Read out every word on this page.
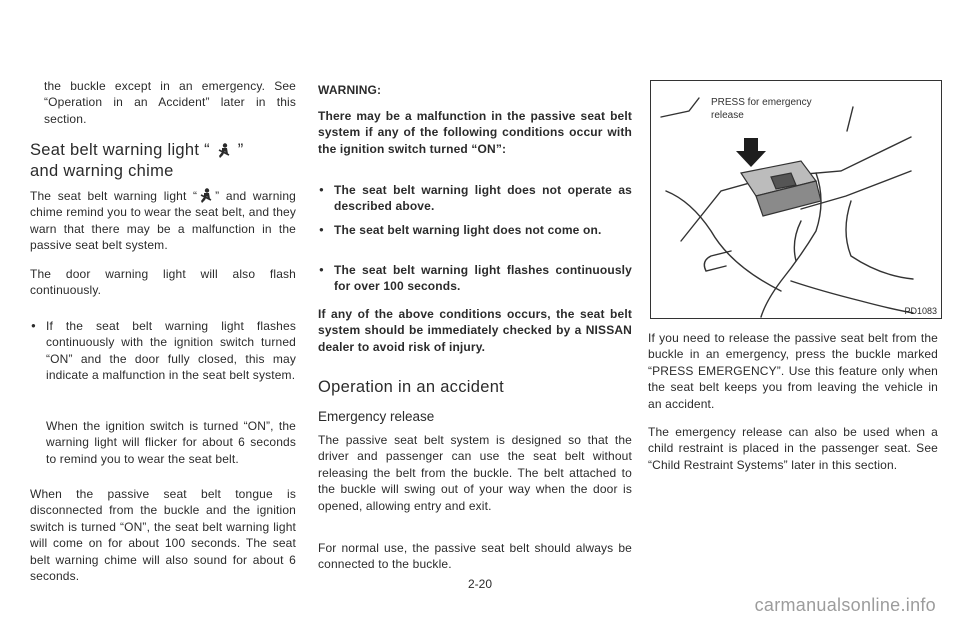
the buckle except in an emergency. See “Operation in an Accident” later in this section.

Seat belt warning light “ ”
and warning chime

The seat belt warning light “ ” and warning chime remind you to wear the seat belt, and they warn that there may be a malfunction in the passive seat belt system.

The door warning light will also flash continuously.

● If the seat belt warning light flashes continuously with the ignition switch turned “ON” and the door fully closed, this may indicate a malfunction in the seat belt system.

When the ignition switch is turned “ON”, the warning light will flicker for about 6 seconds to remind you to wear the seat belt.

When the passive seat belt tongue is disconnected from the buckle and the ignition switch is turned “ON”, the seat belt warning light will come on for about 100 seconds. The seat belt warning chime will also sound for about 6 seconds.

WARNING:

There may be a malfunction in the passive seat belt system if any of the following conditions occur with the ignition switch turned “ON”:

● The seat belt warning light does not operate as described above.

● The seat belt warning light does not come on.

● The seat belt warning light flashes continuously for over 100 seconds.

If any of the above conditions occurs, the seat belt system should be immediately checked by a NISSAN dealer to avoid risk of injury.

Operation in an accident
Emergency release

The passive seat belt system is designed so that the driver and passenger can use the seat belt without releasing the belt from the buckle. The belt attached to the buckle will swing out of your way when the door is opened, allowing entry and exit.

For normal use, the passive seat belt should always be connected to the buckle.

PRESS for emergency
release
PD1083

If you need to release the passive seat belt from the buckle in an emergency, press the buckle marked “PRESS EMERGENCY”. Use this feature only when the seat belt keeps you from leaving the vehicle in an accident.

The emergency release can also be used when a child restraint is placed in the passenger seat. See “Child Restraint Systems” later in this section.

2-20
carmanualsonline.info
